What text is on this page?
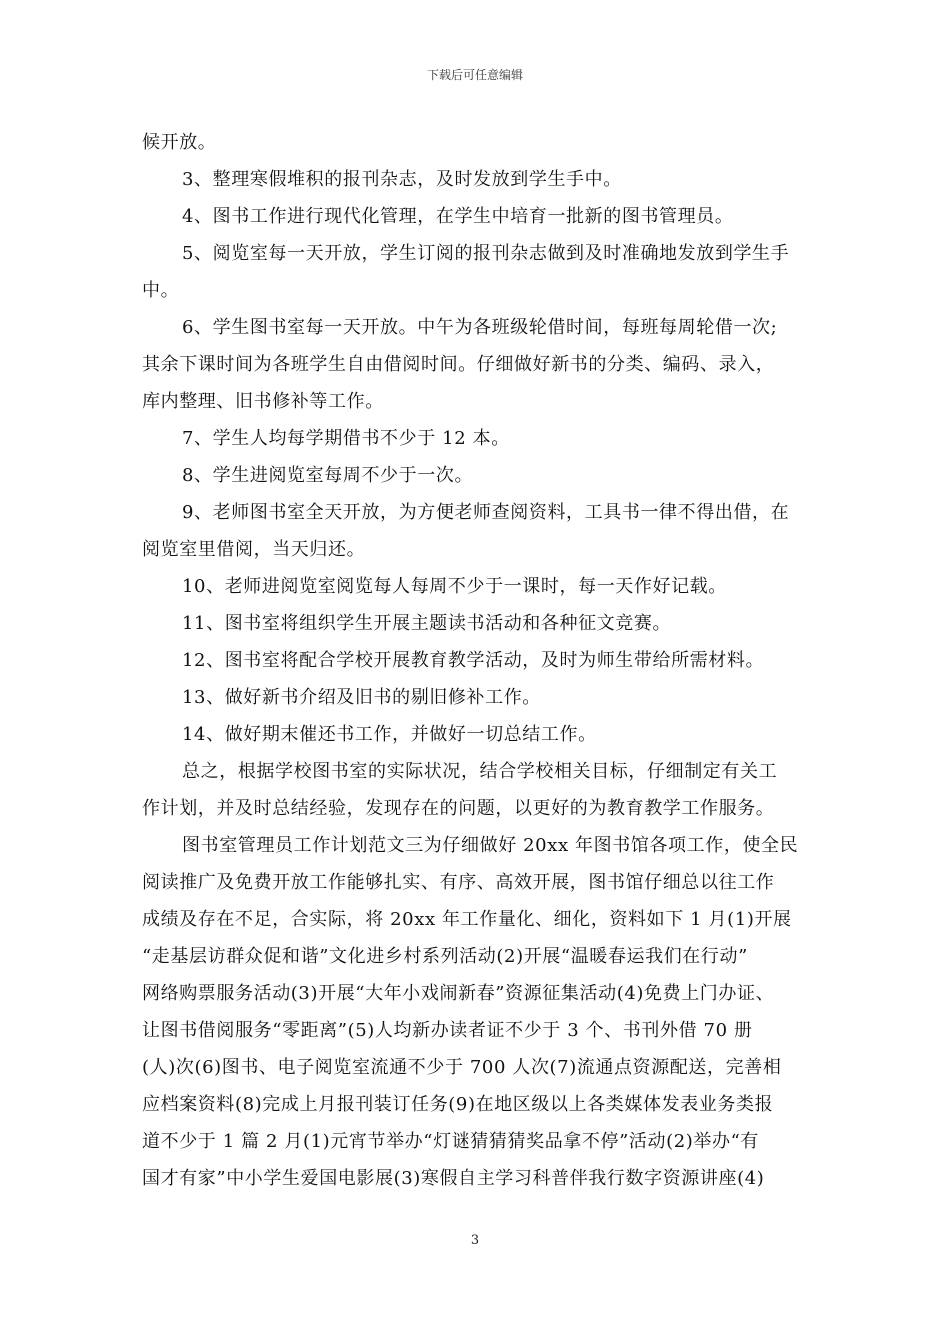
下载后可任意编辑
候开放。
3、整理寒假堆积的报刊杂志，及时发放到学生手中。
4、图书工作进行现代化管理，在学生中培育一批新的图书管理员。
5、阅览室每一天开放，学生订阅的报刊杂志做到及时准确地发放到学生手
中。
6、学生图书室每一天开放。中午为各班级轮借时间，每班每周轮借一次;
其余下课时间为各班学生自由借阅时间。仔细做好新书的分类、编码、录入，
库内整理、旧书修补等工作。
7、学生人均每学期借书不少于 12 本。
8、学生进阅览室每周不少于一次。
9、老师图书室全天开放，为方便老师查阅资料，工具书一律不得出借，在
阅览室里借阅，当天归还。
10、老师进阅览室阅览每人每周不少于一课时，每一天作好记载。
11、图书室将组织学生开展主题读书活动和各种征文竞赛。
12、图书室将配合学校开展教育教学活动，及时为师生带给所需材料。
13、做好新书介绍及旧书的剔旧修补工作。
14、做好期末催还书工作，并做好一切总结工作。
总之，根据学校图书室的实际状况，结合学校相关目标，仔细制定有关工
作计划，并及时总结经验，发现存在的问题，以更好的为教育教学工作服务。
图书室管理员工作计划范文三为仔细做好 20xx 年图书馆各项工作，使全民
阅读推广及免费开放工作能够扎实、有序、高效开展，图书馆仔细总以往工作
成绩及存在不足，合实际，将 20xx 年工作量化、细化，资料如下 1 月(1)开展
“走基层访群众促和谐”文化进乡村系列活动(2)开展“温暖春运我们在行动”
网络购票服务活动(3)开展“大年小戏闹新春”资源征集活动(4)免费上门办证、
让图书借阅服务“零距离”(5)人均新办读者证不少于 3 个、书刊外借 70 册
(人)次(6)图书、电子阅览室流通不少于 700 人次(7)流通点资源配送，完善相
应档案资料(8)完成上月报刊装订任务(9)在地区级以上各类媒体发表业务类报
道不少于 1 篇 2 月(1)元宵节举办“灯谜猜猜猜奖品拿不停”活动(2)举办“有
国才有家”中小学生爱国电影展(3)寒假自主学习科普伴我行数字资源讲座(4)
3
